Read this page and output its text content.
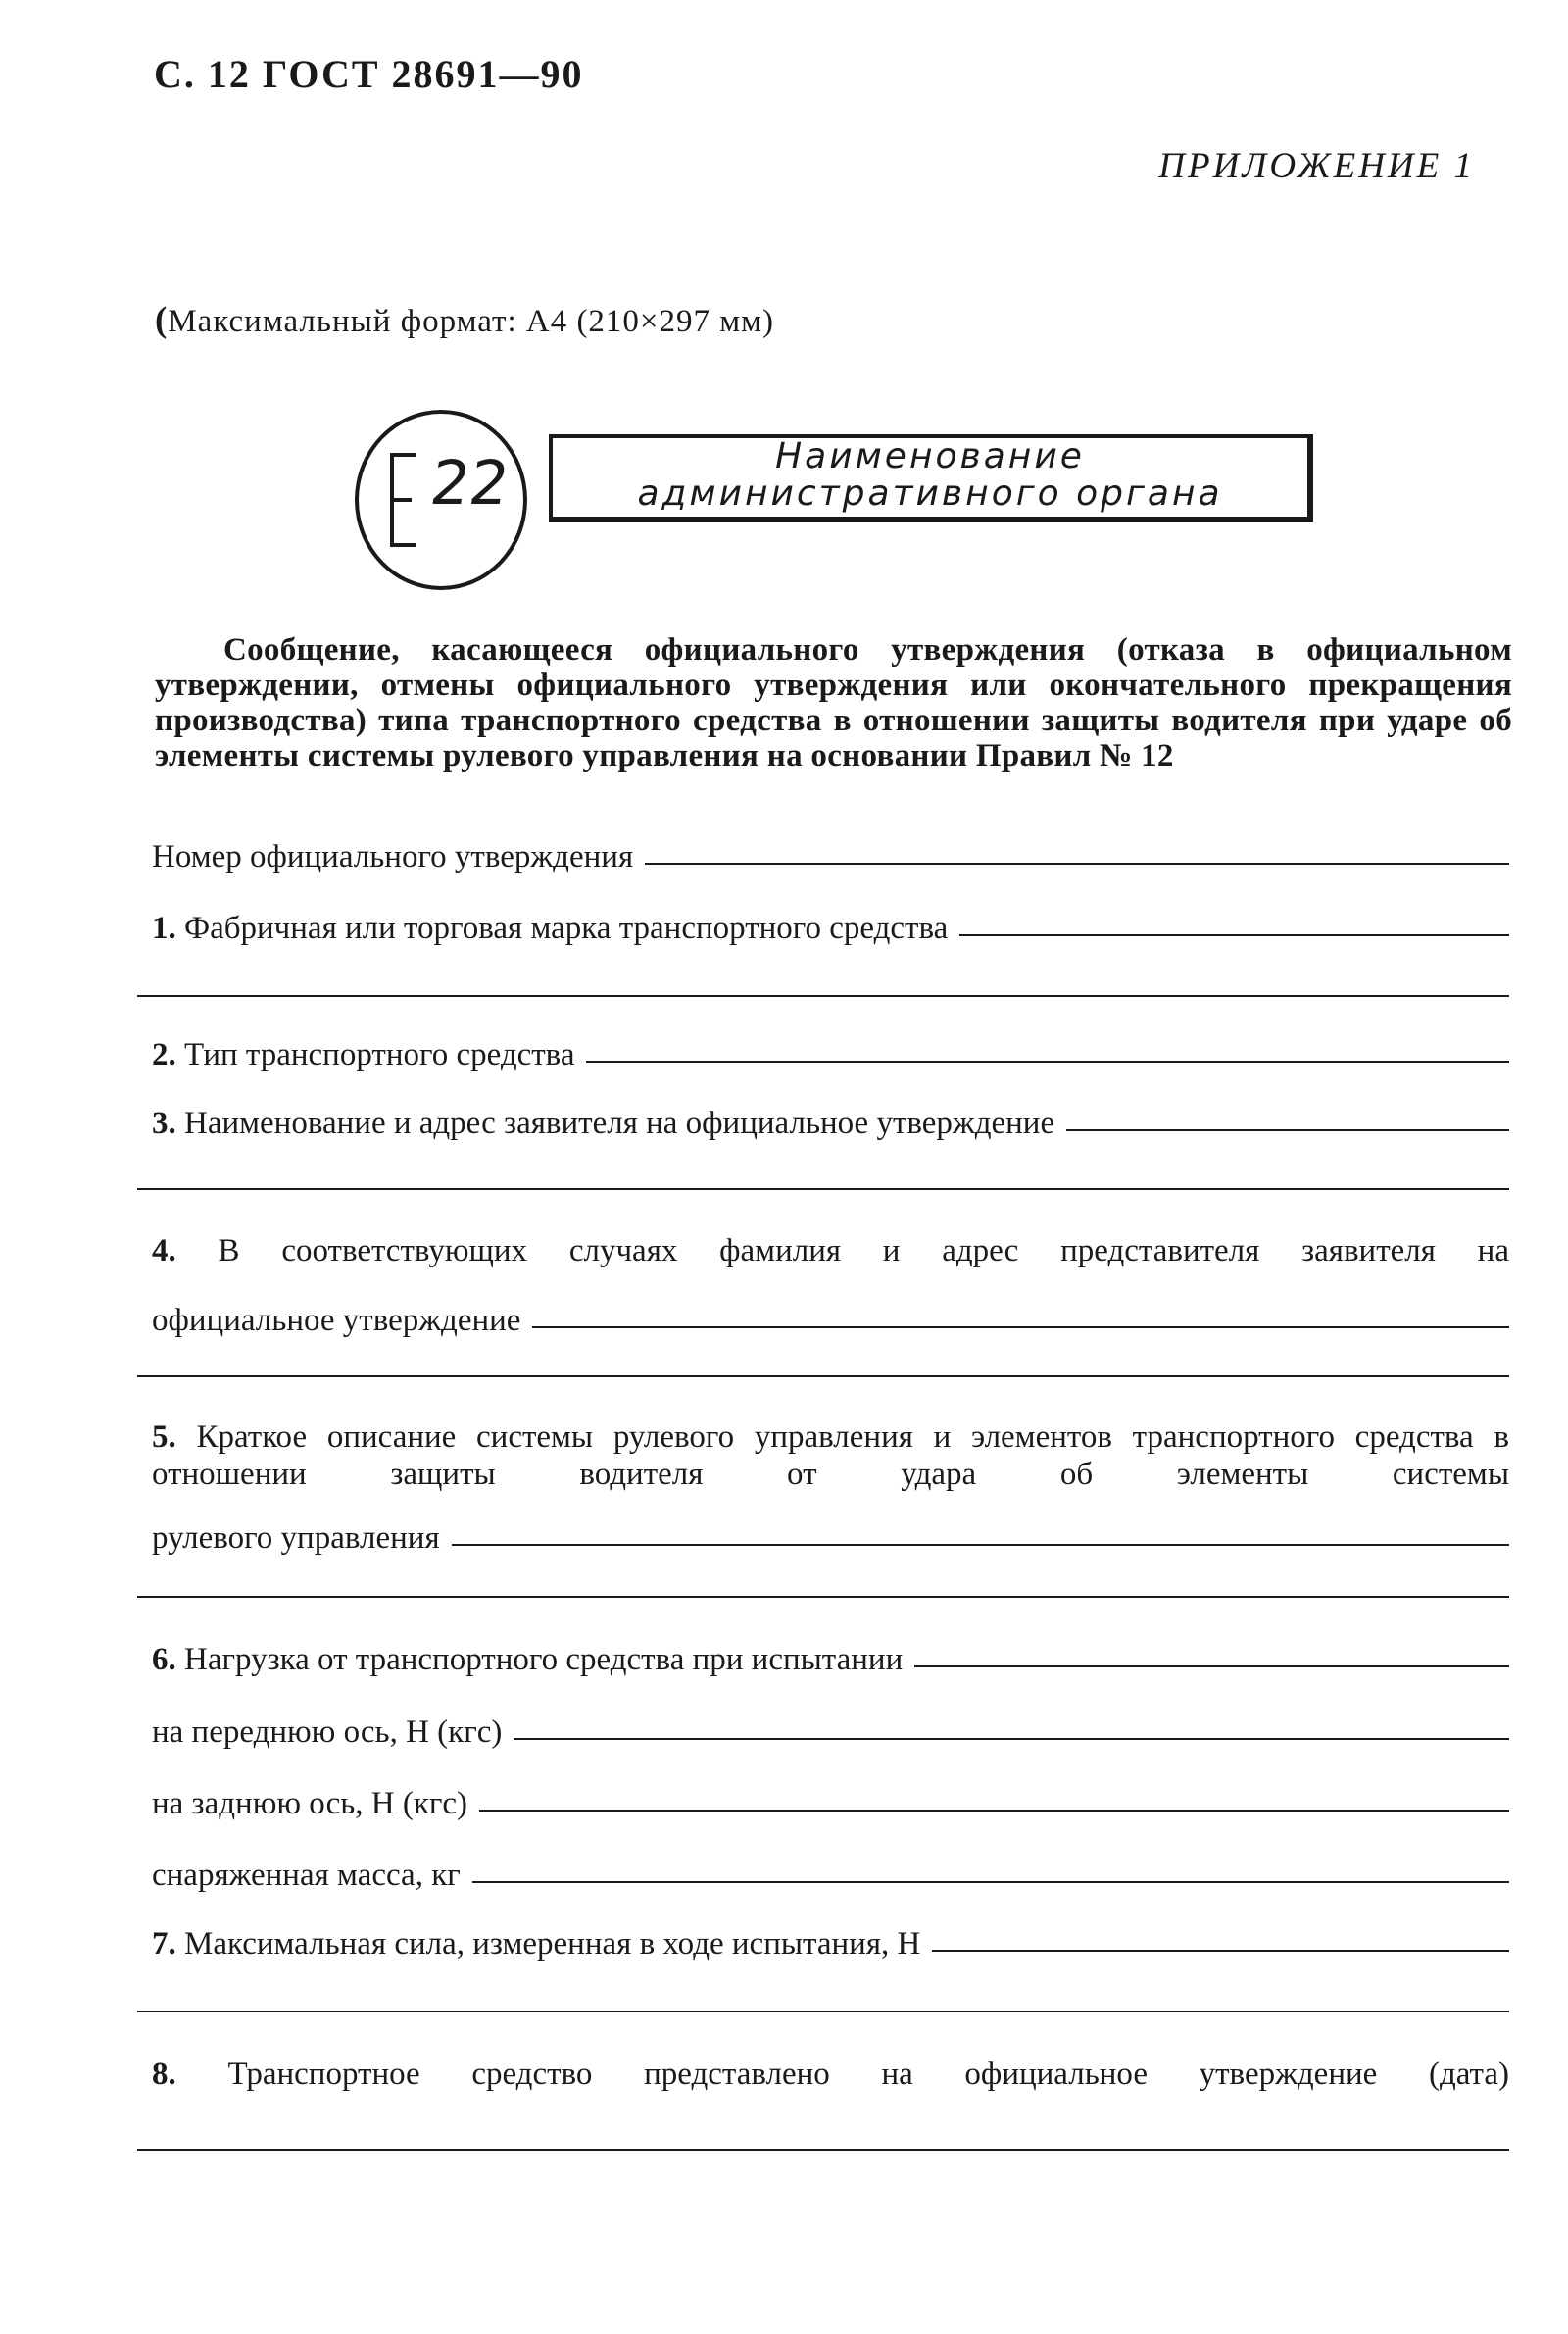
С. 12 ГОСТ 28691—90
ПРИЛОЖЕНИЕ 1
(Максимальный формат: А4 (210×297 мм)
22	Наименование
административного органа
Сообщение, касающееся официального утверждения (отказа в официальном утверждении, отмены официального утверждения или окончательного прекращения производства) типа транспортного средства в отношении защиты водителя при ударе об элементы системы рулевого управления на основании Правил № 12
Номер официального утверждения
1. Фабричная или торговая марка транспортного средства
2. Тип транспортного средства
3. Наименование и адрес заявителя на официальное утверждение
4. В соответствующих случаях фамилия и адрес представителя заявителя на
официальное утверждение
5. Краткое описание системы рулевого управления и элементов транспортного средства в отношении защиты водителя от удара об элементы системы
рулевого управления
6. Нагрузка от транспортного средства при испытании
на переднюю ось, Н (кгс)
на заднюю ось, Н (кгс)
снаряженная масса, кг
7. Максимальная сила, измеренная в ходе испытания, Н
8. Транспортное средство представлено на официальное утверждение (дата)
